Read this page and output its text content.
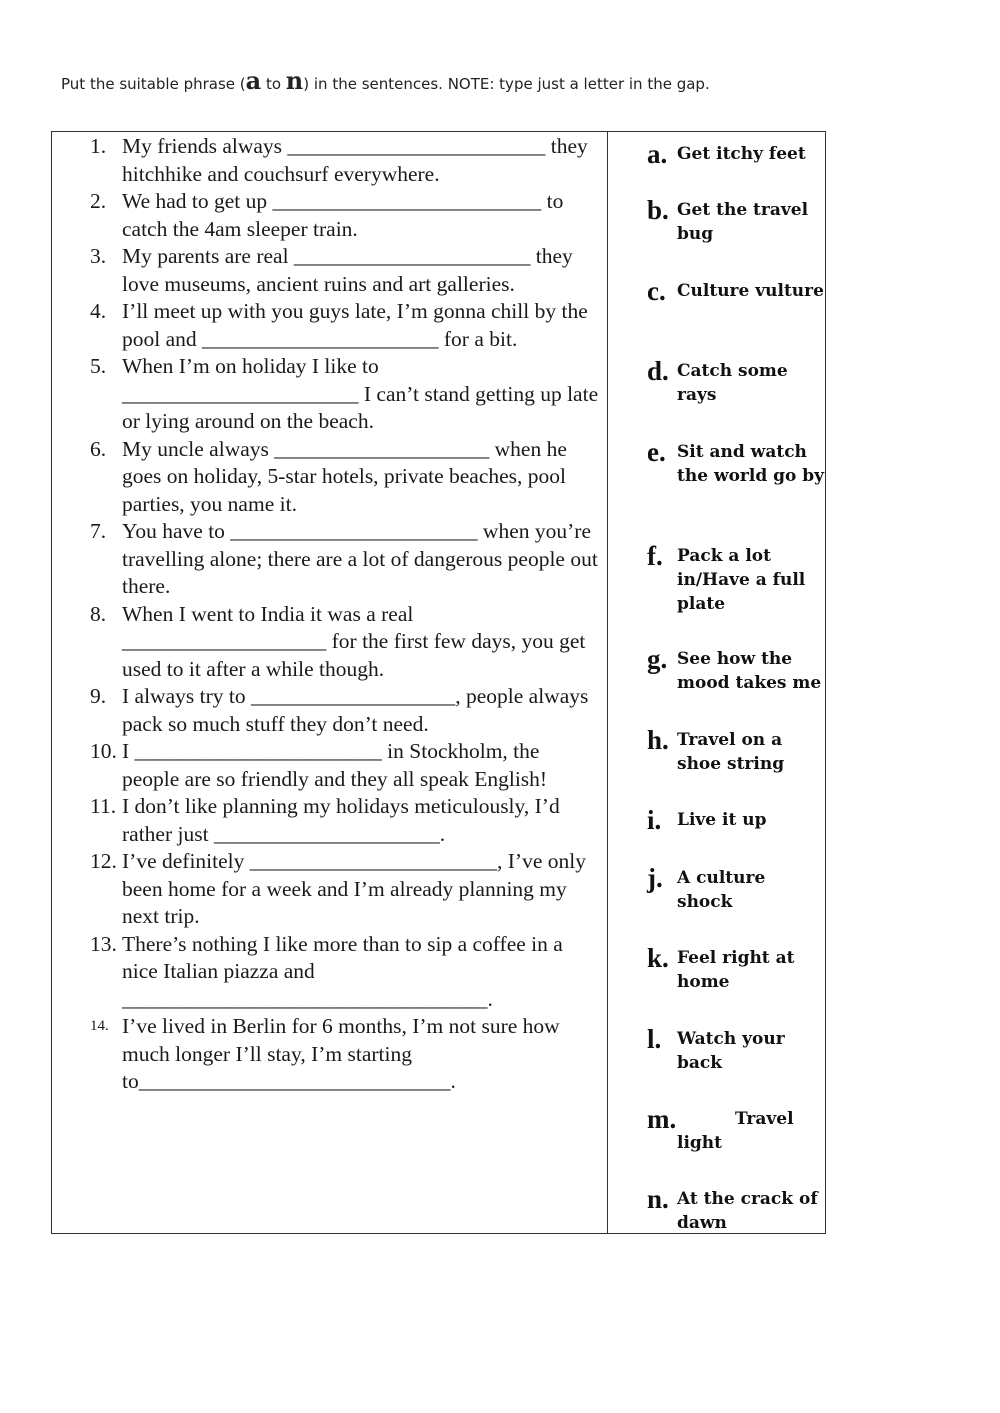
Put the suitable phrase (a to n) in the sentences. NOTE: type just a letter in the gap.
1. My friends always ________________________ they hitchhike and couchsurf everywhere.
2. We had to get up _________________________ to catch the 4am sleeper train.
3. My parents are real ______________________ they love museums, ancient ruins and art galleries.
4. I’ll meet up with you guys late, I’m gonna chill by the pool and ______________________ for a bit.
5. When I’m on holiday I like to ______________________ I can’t stand getting up late or lying around on the beach.
6. My uncle always ____________________ when he goes on holiday, 5-star hotels, private beaches, pool parties, you name it.
7. You have to _______________________ when you’re travelling alone; there are a lot of dangerous people out there.
8. When I went to India it was a real ___________________ for the first few days, you get used to it after a while though.
9. I always try to ___________________, people always pack so much stuff they don’t need.
10. I _______________________ in Stockholm, the people are so friendly and they all speak English!
11. I don’t like planning my holidays meticulously, I’d rather just _____________________.
12. I’ve definitely _______________________, I’ve only been home for a week and I’m already planning my next trip.
13. There’s nothing I like more than to sip a coffee in a nice Italian piazza and __________________________________.
14. I’ve lived in Berlin for 6 months, I’m not sure how much longer I’ll stay, I’m starting to_____________________________.
a. Get itchy feet
b. Get the travel bug
c. Culture vulture
d. Catch some rays
e. Sit and watch the world go by
f. Pack a lot in/Have a full plate
g. See how the mood takes me
h. Travel on a shoe string
i. Live it up
j. A culture shock
k. Feel right at home
l. Watch your back
m.	Travel light
n. At the crack of dawn
